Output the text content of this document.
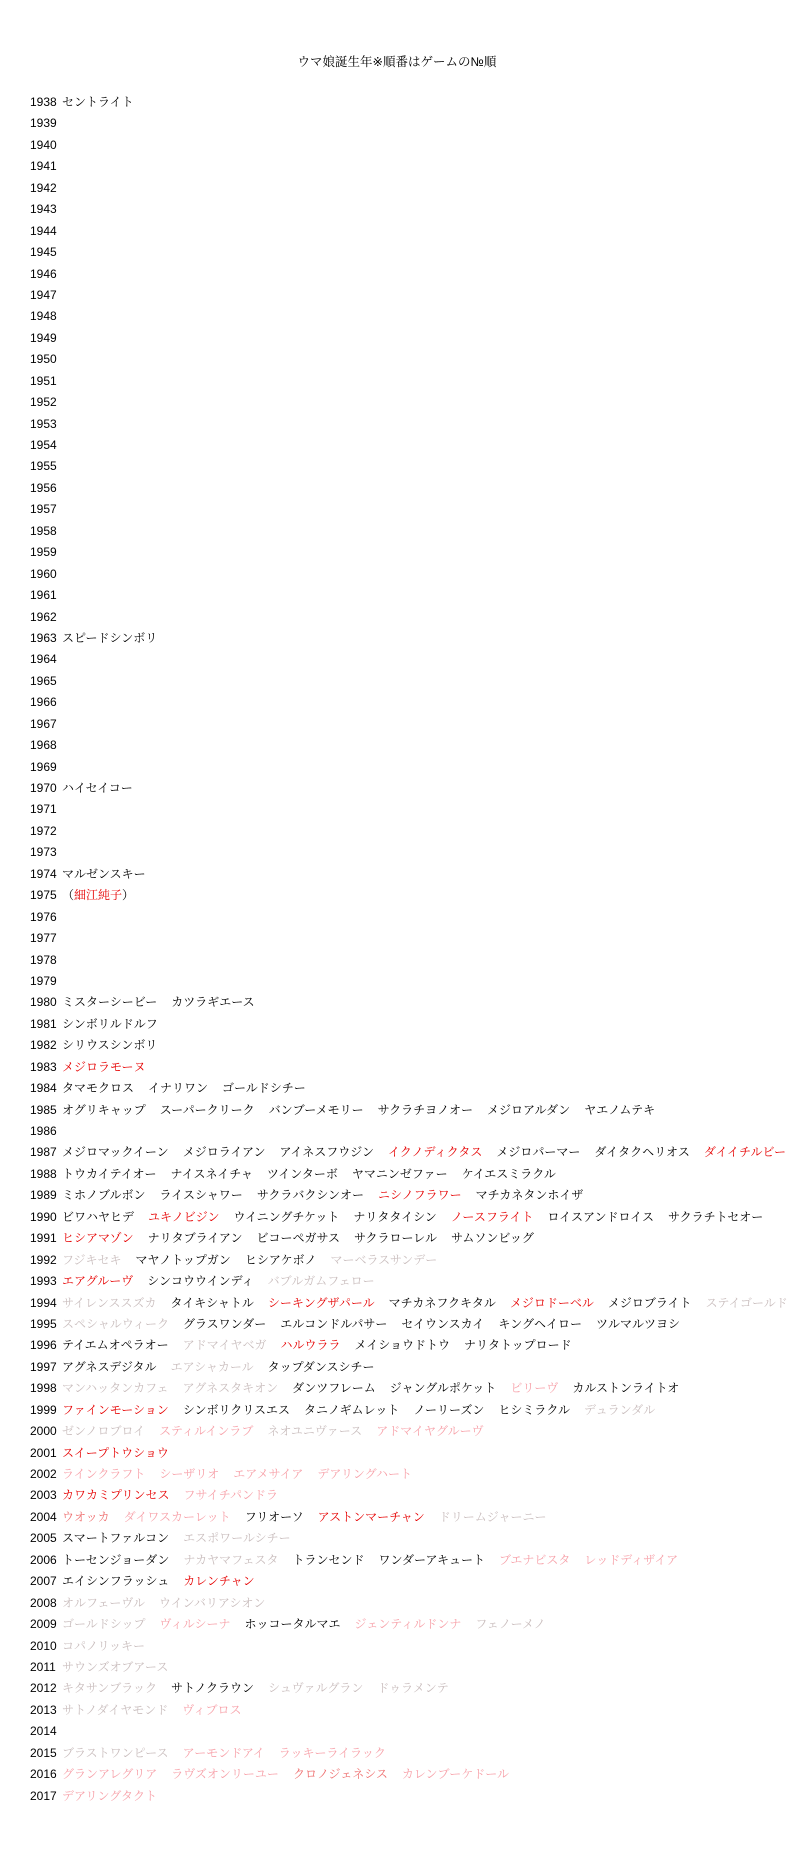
ウマ娘誕生年※順番はゲームの№順
1938 セントライト
1939
1940
1941
1942
1943
1944
1945
1946
1947
1948
1949
1950
1951
1952
1953
1954
1955
1956
1957
1958
1959
1960
1961
1962
1963 スピードシンボリ
1964
1965
1966
1967
1968
1969
1970 ハイセイコー
1971
1972
1973
1974 マルゼンスキー
1975 （細江純子）
1976
1977
1978
1979
1980 ミスターシービー カツラギエース
1981 シンボリルドルフ
1982 シリウスシンボリ
1983 メジロラモーヌ
1984 タマモクロス イナリワン ゴールドシチー
1985 オグリキャップ スーパークリーク バンブーメモリー サクラチヨノオー メジロアルダン ヤエノムテキ
1986
1987 メジロマックイーン メジロライアン アイネスフウジン イクノディクタス メジロパーマー ダイタクヘリオス ダイイチルビー
1988 トウカイテイオー ナイスネイチャ ツインターボ ヤマニンゼファー ケイエスミラクル
1989 ミホノブルボン ライスシャワー サクラバクシンオー ニシノフラワー マチカネタンホイザ
1990 ビワハヤヒデ ユキノビジン ウイニングチケット ナリタタイシン ノースフライト ロイスアンドロイス サクラチトセオー
1991 ヒシアマゾン ナリタブライアン ビコーペガサス サクラローレル サムソンビッグ
1992 フジキセキ マヤノトップガン ヒシアケボノ マーベラスサンデー
1993 エアグルーヴ シンコウウインディ バブルガムフェロー
1994 サイレンススズカ タイキシャトル シーキングザパール マチカネフクキタル メジロドーベル メジロブライト ステイゴールド
1995 スペシャルウィーク グラスワンダー エルコンドルパサー セイウンスカイ キングヘイロー ツルマルツヨシ
1996 テイエムオペラオー アドマイヤベガ ハルウララ メイショウドトウ ナリタトップロード
1997 アグネスデジタル エアシャカール タップダンスシチー
1998 マンハッタンカフェ アグネスタキオン ダンツフレーム ジャングルポケット ビリーヴ カルストンライトオ
1999 ファインモーション シンボリクリスエス タニノギムレット ノーリーズン ヒシミラクル デュランダル
2000 ゼンノロブロイ スティルインラブ ネオユニヴァース アドマイヤグルーヴ
2001 スイープトウショウ
2002 ラインクラフト シーザリオ エアメサイア デアリングハート
2003 カワカミプリンセス フサイチパンドラ
2004 ウオッカ ダイワスカーレット フリオーソ アストンマーチャン ドリームジャーニー
2005 スマートファルコン エスポワールシチー
2006 トーセンジョーダン ナカヤマフェスタ トランセンド ワンダーアキュート ブエナビスタ レッドディザイア
2007 エイシンフラッシュ カレンチャン
2008 オルフェーヴル ウインバリアシオン
2009 ゴールドシップ ヴィルシーナ ホッコータルマエ ジェンティルドンナ フェノーメノ
2010 コパノリッキー
2011 サウンズオブアース
2012 キタサンブラック サトノクラウン シュヴァルグラン ドゥラメンテ
2013 サトノダイヤモンド ヴィブロス
2014
2015 ブラストワンピース アーモンドアイ ラッキーライラック
2016 グランアレグリア ラヴズオンリーユー クロノジェネシス カレンブーケドール
2017 デアリングタクト
